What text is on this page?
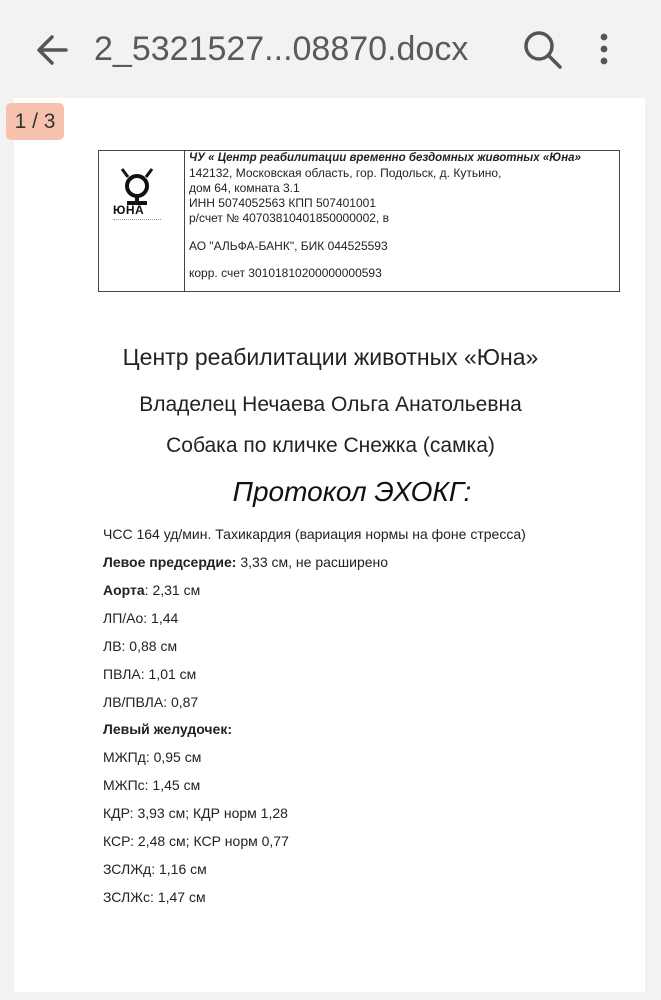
2_5321527...08870.docx
1 / 3
ЮНА
ЧУ « Центр реабилитации временно бездомных животных «Юна»
142132, Московская область, гор. Подольск, д. Кутьино,
дом 64, комната 3.1
ИНН 5074052563 КПП 507401001
р/счет № 40703810401850000002, в
АО "АЛЬФА-БАНК", БИК 044525593
корр. счет 30101810200000000593
Центр реабилитации животных «Юна»
Владелец Нечаева Ольга Анатольевна
Собака по кличке Снежка (самка)
Протокол ЭХОКГ:
ЧСС 164 уд/мин. Тахикардия (вариация нормы на фоне стресса)
Левое предсердие: 3,33 см, не расширено
Аорта: 2,31 см
ЛП/Ао: 1,44
ЛВ: 0,88 см
ПВЛА: 1,01 см
ЛВ/ПВЛА: 0,87
Левый желудочек:
МЖПд: 0,95 см
МЖПс: 1,45 см
КДР: 3,93 см; КДР норм 1,28
КСР: 2,48 см; КСР норм 0,77
ЗСЛЖд: 1,16 см
ЗСЛЖс: 1,47 см
